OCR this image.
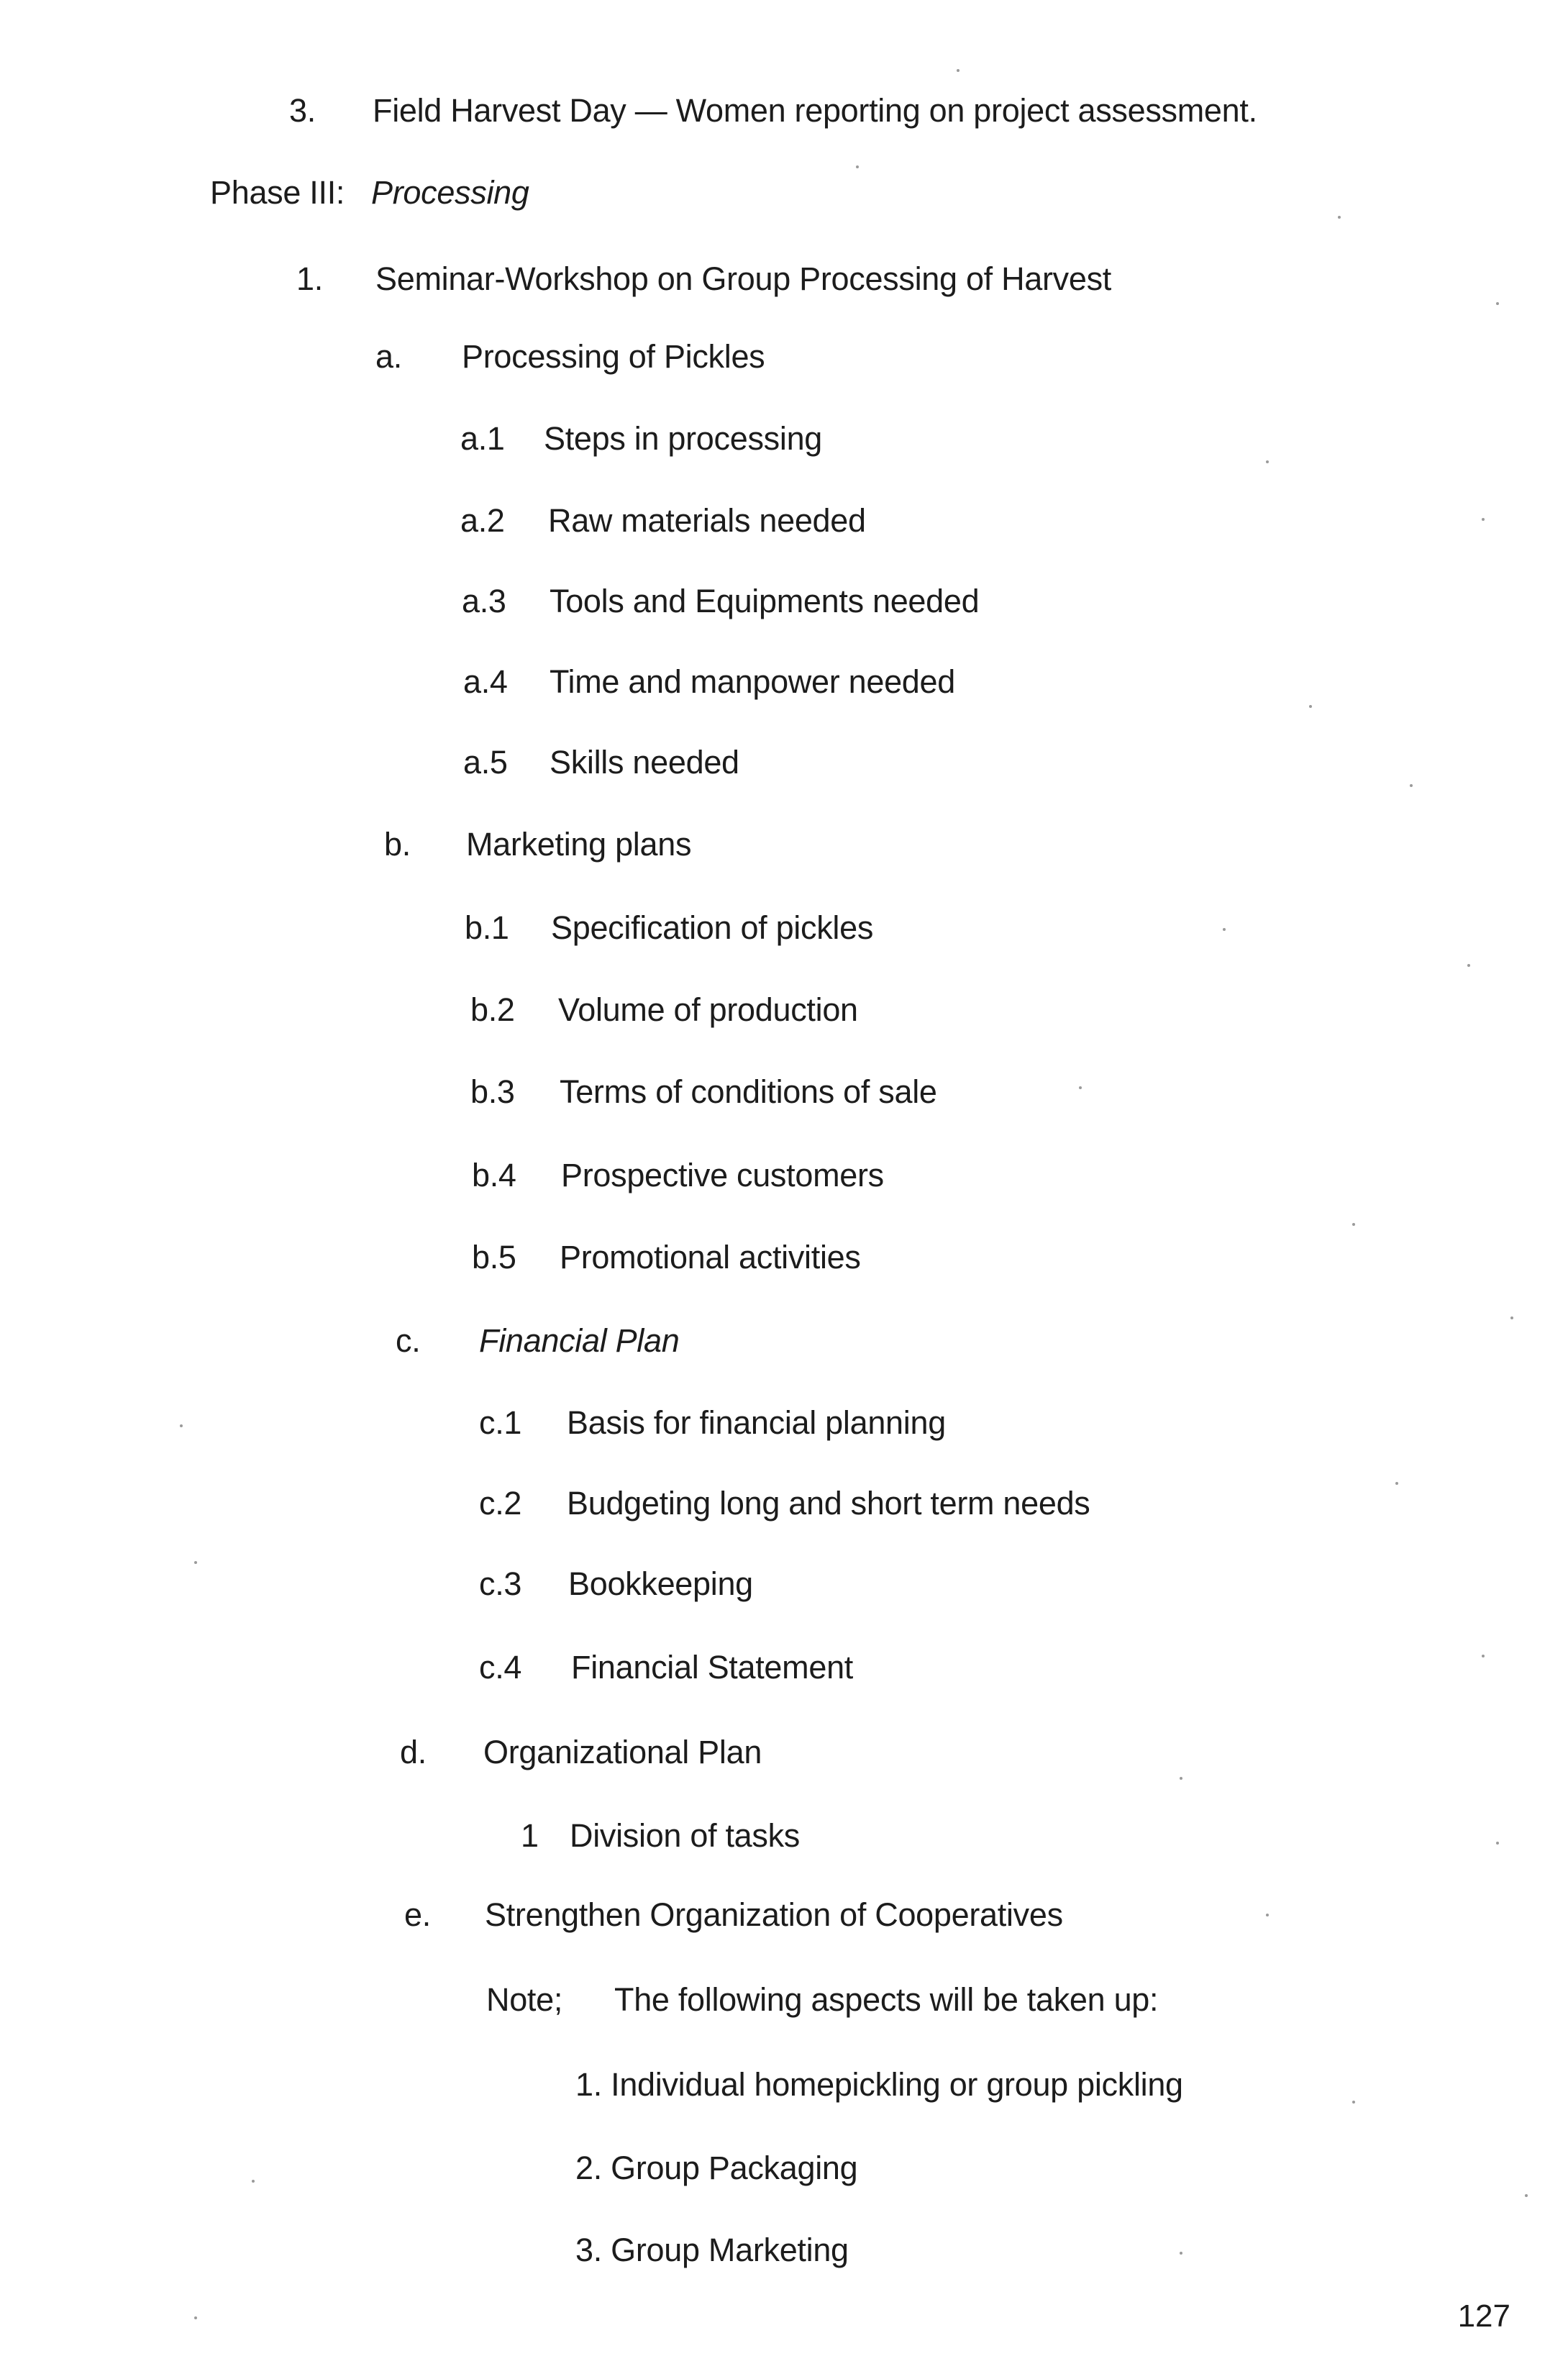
3. Field Harvest Day — Women reporting on project assessment.
Phase III: Processing
1. Seminar-Workshop on Group Processing of Harvest
a. Processing of Pickles
a.1 Steps in processing
a.2 Raw materials needed
a.3 Tools and Equipments needed
a.4 Time and manpower needed
a.5 Skills needed
b. Marketing plans
b.1 Specification of pickles
b.2 Volume of production
b.3 Terms of conditions of sale
b.4 Prospective customers
b.5 Promotional activities
c. Financial Plan
c.1 Basis for financial planning
c.2 Budgeting long and short term needs
c.3 Bookkeeping
c.4 Financial Statement
d. Organizational Plan
1 Division of tasks
e. Strengthen Organization of Cooperatives
Note; The following aspects will be taken up:
1. Individual homepickling or group pickling
2. Group Packaging
3. Group Marketing
127
